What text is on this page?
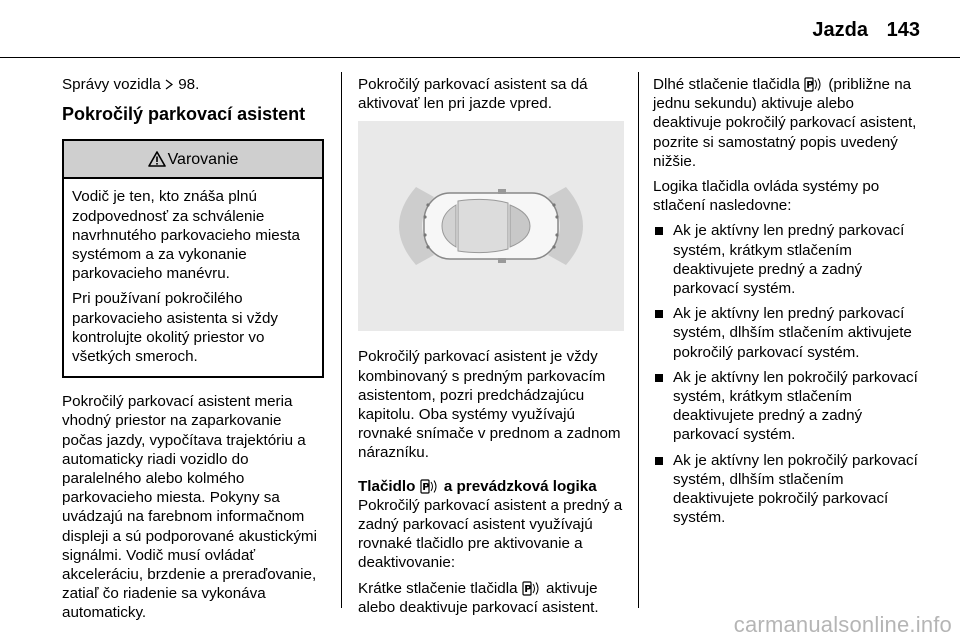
Jazda 143

Správy vozidla 98.

Pokročilý parkovací asistent
Varovanie

Vodič je ten, kto znáša plnú zodpovednosť za schválenie navrhnutého parkovacieho miesta systémom a za vykonanie parkovacieho manévru.

Pri používaní pokročilého parkovacieho asistenta si vždy kontrolujte okolitý priestor vo všetkých smeroch.

Pokročilý parkovací asistent meria vhodný priestor na zaparkovanie počas jazdy, vypočítava trajektóriu a automaticky riadi vozidlo do paralelného alebo kolmého parkovacieho miesta. Pokyny sa uvádzajú na farebnom informačnom displeji a sú podporované akustickými signálmi. Vodič musí ovládať akceleráciu, brzdenie a preraďovanie, zatiaľ čo riadenie sa vykonáva automaticky.

Pokročilý parkovací asistent sa dá aktivovať len pri jazde vpred.

Pokročilý parkovací asistent je vždy kombinovaný s predným parkovacím asistentom, pozri predchádzajúcu kapitolu. Oba systémy využívajú rovnaké snímače v prednom a zadnom nárazníku.

Tlačidlo P a prevádzková logika

Pokročilý parkovací asistent a predný a zadný parkovací asistent využívajú rovnaké tlačidlo pre aktivovanie a deaktivovanie:

Krátke stlačenie tlačidla P aktivuje alebo deaktivuje parkovací asistent.

Dlhé stlačenie tlačidla P (približne na jednu sekundu) aktivuje alebo deaktivuje pokročilý parkovací asistent, pozrite si samostatný popis uvedený nižšie.

Logika tlačidla ovláda systémy po stlačení nasledovne:

Ak je aktívny len predný parkovací systém, krátkym stlačením deaktivujete predný a zadný parkovací systém.
Ak je aktívny len predný parkovací systém, dlhším stlačením aktivujete pokročilý parkovací systém.
Ak je aktívny len pokročilý parkovací systém, krátkym stlačením deaktivujete predný a zadný parkovací systém.
Ak je aktívny len pokročilý parkovací systém, dlhším stlačením deaktivujete pokročilý parkovací systém.
carmanualsonline.info
